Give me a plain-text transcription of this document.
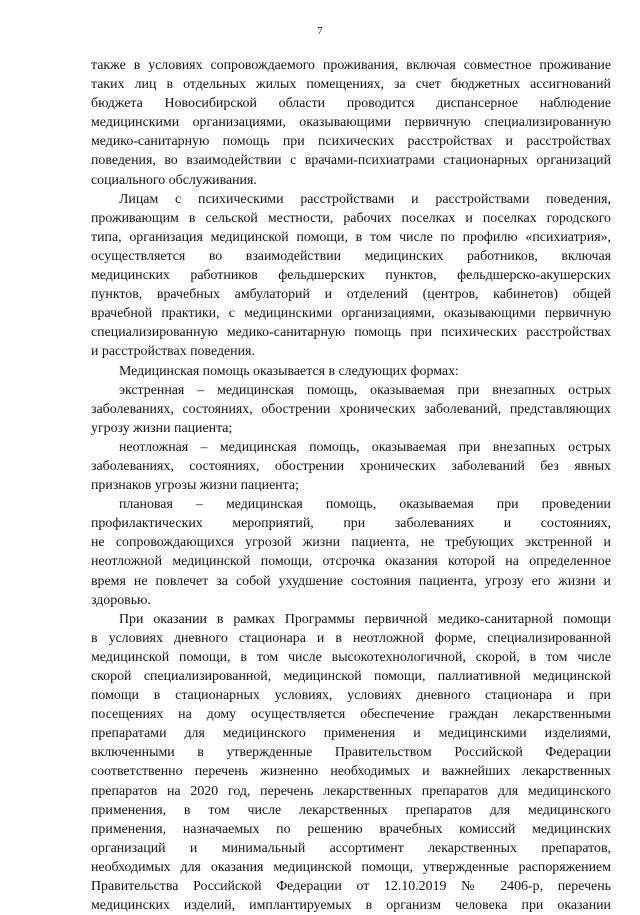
7
также в условиях сопровождаемого проживания, включая совместное проживание
таких лиц в отдельных жилых помещениях, за счет бюджетных ассигнований
бюджета Новосибирской области проводится диспансерное наблюдение
медицинскими организациями, оказывающими первичную специализированную
медико-санитарную помощь при психических расстройствах и расстройствах
поведения, во взаимодействии с врачами-психиатрами стационарных организаций
социального обслуживания.
Лицам с психическими расстройствами и расстройствами поведения,
проживающим в сельской местности, рабочих поселках и поселках городского
типа, организация медицинской помощи, в том числе по профилю «психиатрия»,
осуществляется во взаимодействии медицинских работников, включая
медицинских работников фельдшерских пунктов, фельдшерско-акушерских
пунктов, врачебных амбулаторий и отделений (центров, кабинетов) общей
врачебной практики, с медицинскими организациями, оказывающими первичную
специализированную медико-санитарную помощь при психических расстройствах
и расстройствах поведения.
Медицинская помощь оказывается в следующих формах:
экстренная – медицинская помощь, оказываемая при внезапных острых
заболеваниях, состояниях, обострении хронических заболеваний, представляющих
угрозу жизни пациента;
неотложная – медицинская помощь, оказываемая при внезапных острых
заболеваниях, состояниях, обострении хронических заболеваний без явных
признаков угрозы жизни пациента;
плановая – медицинская помощь, оказываемая при проведении
профилактических мероприятий, при заболеваниях и состояниях,
не сопровождающихся угрозой жизни пациента, не требующих экстренной и
неотложной медицинской помощи, отсрочка оказания которой на определенное
время не повлечет за собой ухудшение состояния пациента, угрозу его жизни и
здоровью.
При оказании в рамках Программы первичной медико-санитарной помощи
в условиях дневного стационара и в неотложной форме, специализированной
медицинской помощи, в том числе высокотехнологичной, скорой, в том числе
скорой специализированной, медицинской помощи, паллиативной медицинской
помощи в стационарных условиях, условиях дневного стационара и при
посещениях на дому осуществляется обеспечение граждан лекарственными
препаратами для медицинского применения и медицинскими изделиями,
включенными в утвержденные Правительством Российской Федерации
соответственно перечень жизненно необходимых и важнейших лекарственных
препаратов на 2020 год, перечень лекарственных препаратов для медицинского
применения, в том числе лекарственных препаратов для медицинского
применения, назначаемых по решению врачебных комиссий медицинских
организаций и минимальный ассортимент лекарственных препаратов,
необходимых для оказания медицинской помощи, утвержденные распоряжением
Правительства Российской Федерации от 12.10.2019 № 2406-р, перечень
медицинских изделий, имплантируемых в организм человека при оказании
